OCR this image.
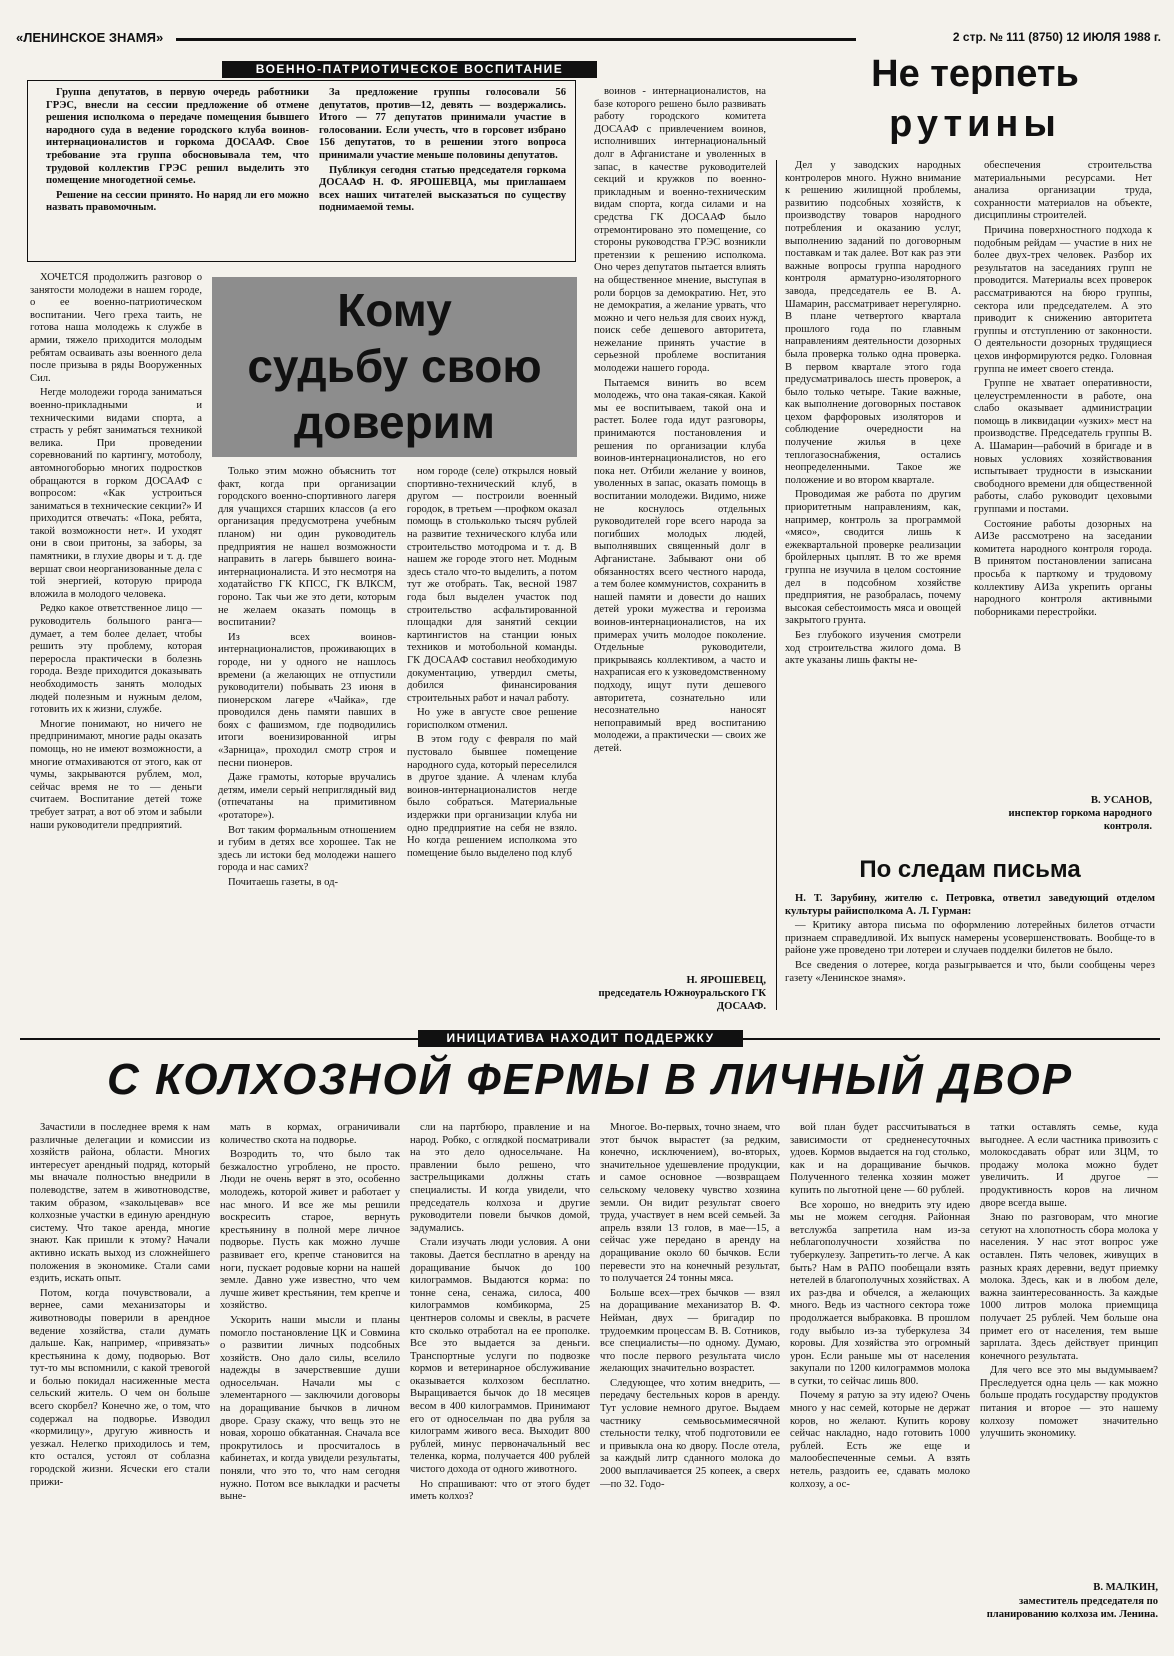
«ЛЕНИНСКОЕ ЗНАМЯ»	2 стр. № 111 (8750) 12 ИЮЛЯ 1988 г.
ВОЕННО-ПАТРИОТИЧЕСКОЕ ВОСПИТАНИЕ

Группа депутатов, в первую очередь работники ГРЭС, внесли на сессии предложение об отмене решения исполкома о передаче помещения бывшего народного суда в ведение городского клуба воинов-интернационалистов и горкома ДОСААФ. Свое требование эта группа обосновывала тем, что трудовой коллектив ГРЭС решил выделить это помещение многодетной семье.

Решение на сессии принято. Но наряд ли его можно назвать правомочным.

За предложение группы голосовали 56 депутатов, против—12, девять — воздержались. Итого — 77 депутатов принимали участие в голосовании. Если учесть, что в горсовет избрано 156 депутатов, то в решении этого вопроса принимали участие меньше половины депутатов.

Публикуя сегодня статью председателя горкома ДОСААФ Н. Ф. ЯРОШЕВЦА, мы приглашаем всех наших читателей высказаться по существу поднимаемой темы.

Кому
судьбу свою
доверим

ХОЧЕТСЯ продолжить разговор о занятости молодежи в нашем городе, о ее военно-патриотическом воспитании. Чего греха таить, не готова наша молодежь к службе в армии, тяжело приходится молодым ребятам осваивать азы военного дела после призыва в ряды Вооруженных Сил.

Негде молодежи города заниматься военно-прикладными и техническими видами спорта, а страсть у ребят заниматься техникой велика. При проведении соревнований по картингу, мотоболу, автомногоборью многих подростков обращаются в горком ДОСААФ с вопросом: «Как устроиться заниматься в технические секции?» И приходится отвечать: «Пока, ребята, такой возможности нет». И уходят они в свои притоны, за заборы, за памятники, в глухие дворы и т. д. где вершат свои неорганизованные дела с той энергией, которую природа вложила в молодого человека.

Редко какое ответственное лицо — руководитель большого ранга—думает, а тем более делает, чтобы решить эту проблему, которая переросла практически в болезнь города. Везде приходится доказывать необходимость занять молодых людей полезным и нужным делом, готовить их к жизни, службе.

Многие понимают, но ничего не предпринимают, многие рады оказать помощь, но не имеют возможности, а многие отмахиваются от этого, как от чумы, закрываются рублем, мол, сейчас время не то — деньги считаем. Воспитание детей тоже требует затрат, а вот об этом и забыли наши руководители предприятий.

Только этим можно объяснить тот факт, когда при организации городского военно-спортивного лагеря для учащихся старших классов (а его организация предусмотрена учебным планом) ни один руководитель предприятия не нашел возможности направить в лагерь бывшего воина-интернационалиста. И это несмотря на ходатайство ГК КПСС, ГК ВЛКСМ, гороно. Так чьи же это дети, которым не желаем оказать помощь в воспитании?

Из всех воинов-интернационалистов, проживающих в городе, ни у одного не нашлось времени (а желающих не отпустили руководители) побывать 23 июня в пионерском лагере «Чайка», где проводился день памяти павших в боях с фашизмом, где подводились итоги военизированной игры «Зарница», проходил смотр строя и песни пионеров.

Даже грамоты, которые вручались детям, имели серый неприглядный вид (отпечатаны на примитивном «ротаторе»).

Вот таким формальным отношением и губим в детях все хорошее. Так не здесь ли истоки бед молодежи нашего города и нас самих?

Почитаешь газеты, в од-

ном городе (селе) открылся новый спортивно-технический клуб, в другом — построили военный городок, в третьем —профком оказал помощь в стольколько тысяч рублей на развитие технического клуба или строительство мотодрома и т. д. В нашем же городе этого нет. Модным здесь стало что-то выделить, а потом тут же отобрать. Так, весной 1987 года был выделен участок под строительство асфальтированной площадки для занятий секции картингистов на станции юных техников и мотобольной команды. ГК ДОСААФ составил необходимую документацию, утвердил сметы, добился финансирования строительных работ и начал работу.

Но уже в августе свое решение горисполком отменил.

В этом году с февраля по май пустовало бывшее помещение народного суда, который переселился в другое здание. А членам клуба воинов-интернационалистов негде было собраться. Материальные издержки при организации клуба ни одно предприятие на себя не взяло. Но когда решением исполкома это помещение было выделено под клуб

воинов - интернационалистов, на базе которого решено было развивать работу городского комитета ДОСААФ с привлечением воинов, исполнивших интернациональный долг в Афганистане и уволенных в запас, в качестве руководителей секций и кружков по военно-прикладным и военно-техническим видам спорта, когда силами и на средства ГК ДОСААФ было отремонтировано это помещение, со стороны руководства ГРЭС возникли претензии к решению исполкома. Оно через депутатов пытается влиять на общественное мнение, выступая в роли борцов за демократию. Нет, это не демократия, а желание урвать, что можно и чего нельзя для своих нужд, поиск себе дешевого авторитета, нежелание принять участие в серьезной проблеме воспитания молодежи нашего города.

Пытаемся винить во всем молодежь, что она такая-сякая. Какой мы ее воспитываем, такой она и растет. Более года идут разговоры, принимаются постановления и решения по организации клуба воинов-интернационалистов, но его пока нет. Отбили желание у воинов, уволенных в запас, оказать помощь в воспитании молодежи. Видимо, ниже не коснулось отдельных руководителей горе всего народа за погибших молодых людей, выполнявших священный долг в Афганистане. Забывают они об обязанностях всего честного народа, а тем более коммунистов, сохранить в нашей памяти и довести до наших детей уроки мужества и героизма воинов-интернационалистов, на их примерах учить молодое поколение. Отдельные руководители, прикрываясь коллективом, а часто и нахраписая его к узковедомственному подходу, ищут пути дешевого авторитета, сознательно или несознательно наносят непоправимый вред воспитанию молодежи, а практически — своих же детей.

Н. ЯРОШЕВЕЦ,
председатель Южноуральского ГК ДОСААФ.
Не терпеть
рутины

Дел у заводских народных контролеров много. Нужно внимание к решению жилищной проблемы, развитию подсобных хозяйств, к производству товаров народного потребления и оказанию услуг, выполнению заданий по договорным поставкам и так далее. Вот как раз эти важные вопросы группа народного контроля арматурно-изоляторного завода, председатель ее В. А. Шамарин, рассматривает нерегулярно. В плане четвертого квартала прошлого года по главным направлениям деятельности дозорных была проверка только одна проверка. В первом квартале этого года предусматривалось шесть проверок, а было только четыре. Такие важные, как выполнение договорных поставок цехом фарфоровых изоляторов и соблюдение очередности на получение жилья в цехе теплогазоснабжения, остались неопределенными. Такое же положение и во втором квартале.

Проводимая же работа по другим приоритетным направлениям, как, например, контроль за программой «мясо», сводится лишь к ежеквартальной проверке реализации бройлерных цыплят. В то же время группа не изучила в целом состояние дел в подсобном хозяйстве предприятия, не разобралась, почему высокая себестоимость мяса и овощей закрытого грунта.

Без глубокого изучения смотрели ход строительства жилого дома. В акте указаны лишь факты не-

обеспечения строительства материальными ресурсами. Нет анализа организации труда, сохранности материалов на объекте, дисциплины строителей.

Причина поверхностного подхода к подобным рейдам — участие в них не более двух-трех человек. Разбор их результатов на заседаниях групп не проводится. Материалы всех проверок рассматриваются на бюро группы, сектора или председателем. А это приводит к снижению авторитета группы и отступлению от законности. О деятельности дозорных трудящиеся цехов информируются редко. Головная группа не имеет своего стенда.

Группе не хватает оперативности, целеустремленности в работе, она слабо оказывает администрации помощь в ликвидации «узких» мест на производстве. Председатель группы В. А. Шамарин—рабочий в бригаде и в новых условиях хозяйствования испытывает трудности в изыскании свободного времени для общественной работы, слабо руководит цеховыми группами и постами.

Состояние работы дозорных на АИЗе рассмотрено на заседании комитета народного контроля города. В принятом постановлении записана просьба к парткому и трудовому коллективу АИЗа укрепить органы народного контроля активными поборниками перестройки.

В. УСАНОВ,
инспектор горкома народного контроля.
По следам письма

Н. Т. Зарубину, жителю с. Петровка, ответил заведующий отделом культуры райисполкома А. Л. Гурман:

— Критику автора письма по оформлению лотерейных билетов отчасти признаем справедливой. Их выпуск намерены усовершенствовать. Вообще-то в районе уже проведено три лотереи и случаев подделки билетов не было.

Все сведения о лотерее, когда разыгрывается и что, были сообщены через газету «Ленинское знамя».

ИНИЦИАТИВА НАХОДИТ ПОДДЕРЖКУ
С КОЛХОЗНОЙ ФЕРМЫ В ЛИЧНЫЙ ДВОР

Зачастили в последнее время к нам различные делегации и комиссии из хозяйств района, области. Многих интересует арендный подряд, который мы вначале полностью внедрили в полеводстве, затем в животноводстве, таким образом, «закольцевав» все колхозные участки в единую арендную систему. Что такое аренда, многие знают. Как пришли к этому? Начали активно искать выход из сложнейшего положения в экономике. Стали сами ездить, искать опыт.

Потом, когда почувствовали, а вернее, сами механизаторы и животноводы поверили в арендное ведение хозяйства, стали думать дальше. Как, например, «привязать» крестьянина к дому, подворью. Вот тут-то мы вспомнили, с какой тревогой и болью покидал насиженные места сельский житель. О чем он больше всего скорбел? Конечно же, о том, что содержал на подворье. Изводил «кормилицу», другую живность и уезжал. Нелегко приходилось и тем, кто остался, устоял от соблазна городской жизни. Ясчески его стали прижи-

мать в кормах, ограничивали количество скота на подворье.

Возродить то, что было так безжалостно угроблено, не просто. Люди не очень верят в это, особенно молодежь, которой живет и работает у нас много. И все же мы решили воскресить старое, вернуть крестьянину в полной мере личное подворье. Пусть как можно лучше развивает его, крепче становится на ноги, пускает родовые корни на нашей земле. Давно уже известно, что чем лучше живет крестьянин, тем крепче и хозяйство.

Ускорить наши мысли и планы помогло постановление ЦК и Совмина о развитии личных подсобных хозяйств. Оно дало силы, вселило надежды в зачерствевшие души односельчан. Начали мы с элементарного — заключили договоры на доращивание бычков в личном дворе. Сразу скажу, что вещь это не новая, хорошо обкатанная. Сначала все прокрутилось и просчиталось в кабинетах, и когда увидели результаты, поняли, что это то, что нам сегодня нужно. Потом все выкладки и расчеты выне-

сли на партбюро, правление и на народ. Робко, с оглядкой посматривали на это дело односельчане. На правлении было решено, что застрельщиками должны стать специалисты. И когда увидели, что председатель колхоза и другие руководители повели бычков домой, задумались.

Стали изучать люди условия. А они таковы. Дается бесплатно в аренду на доращивание бычок до 100 килограммов. Выдаются корма: по тонне сена, сенажа, силоса, 400 килограммов комбикорма, 25 центнеров соломы и свеклы, в расчете кто сколько отработал на ее прополке. Все это выдается за деньги. Транспортные услуги по подвозке кормов и ветеринарное обслуживание оказывается колхозом бесплатно. Выращивается бычок до 18 месяцев весом в 400 килограммов. Принимают его от односельчан по два рубля за килограмм живого веса. Выходит 800 рублей, минус первоначальный вес теленка, корма, получается 400 рублей чистого дохода от одного животного.

Но спрашивают: что от этого будет иметь колхоз?

Многое. Во-первых, точно знаем, что этот бычок вырастет (за редким, конечно, исключением), во-вторых, значительное удешевление продукции, и самое основное —возвращаем сельскому человеку чувство хозяина земли. Он видит результат своего труда, участвует в нем всей семьей. За апрель взяли 13 голов, в мае—15, а сейчас уже передано в аренду на доращивание около 60 бычков. Если перевести это на конечный результат, то получается 24 тонны мяса.

Больше всех—трех бычков — взял на доращивание механизатор В. Ф. Нейман, двух — бригадир по трудоемким процессам В. В. Сотников, все специалисты—по одному. Думаю, что после первого результата число желающих значительно возрастет.

Следующее, что хотим внедрить, — передачу бестельных коров в аренду. Тут условие немного другое. Выдаем частнику семьвосьмимесячной стельности телку, чтоб подготовили ее и привыкла она ко двору. После отела, за каждый литр сданного молока до 2000 выплачивается 25 копеек, а сверх—по 32. Годо-

вой план будет рассчитываться в зависимости от средненесуточных удоев. Кормов выдается на год столько, как и на доращивание бычков. Полученного теленка хозяин может купить по льготной цене — 60 рублей.

Все хорошо, но внедрить эту идею мы не можем сегодня. Районная ветслужба запретила нам из-за неблагополучности хозяйства по туберкулезу. Запретить-то легче. А как быть? Нам в РАПО пообещали взять нетелей в благополучных хозяйствах. А их раз-два и обчелся, а желающих много. Ведь из частного сектора тоже продолжается выбраковка. В прошлом году выбыло из-за туберкулеза 34 коровы. Для хозяйства это огромный урон. Если раньше мы от населения закупали по 1200 килограммов молока в сутки, то сейчас лишь 800.

Почему я ратую за эту идею? Очень много у нас семей, которые не держат коров, но желают. Купить корову сейчас накладно, надо готовить 1000 рублей. Есть же еще и малообеспеченные семьи. А взять нетель, раздоить ее, сдавать молоко колхозу, а ос-

татки оставлять семье, куда выгоднее. А если частника привозить с молокосдавать обрат или ЗЦМ, то продажу молока можно будет увеличить. И другое — продуктивность коров на личном дворе всегда выше.

Знаю по разговорам, что многие сетуют на хлопотность сбора молока у населения. У нас этот вопрос уже оставлен. Пять человек, живущих в разных краях деревни, ведут приемку молока. Здесь, как и в любом деле, важна заинтересованность. За каждые 1000 литров молока приемщица получает 25 рублей. Чем больше она примет его от населения, тем выше зарплата. Здесь действует принцип конечного результата.

Для чего все это мы выдумываем? Преследуется одна цель — как можно больше продать государству продуктов питания и второе — это нашему колхозу поможет значительно улучшить экономику.

В. МАЛКИН,
заместитель председателя по планированию колхоза им. Ленина.
